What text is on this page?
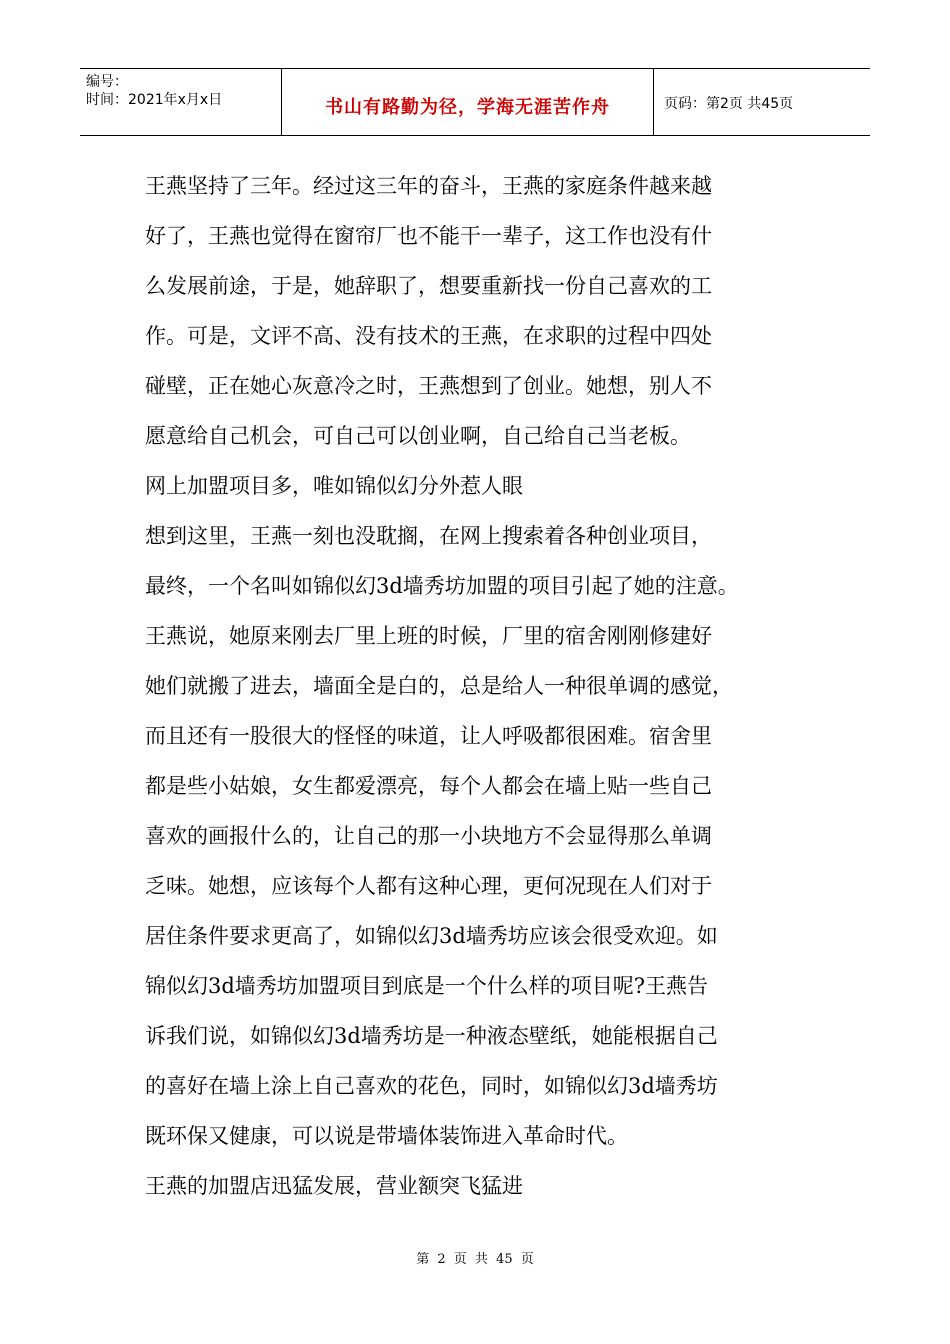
编号：
时间：2021年x月x日	书山有路勤为径，学海无涯苦作舟	页码：第2页 共45页
王燕坚持了三年。经过这三年的奋斗，王燕的家庭条件越来越
好了，王燕也觉得在窗帘厂也不能干一辈子，这工作也没有什
么发展前途，于是，她辞职了，想要重新找一份自己喜欢的工
作。可是，文评不高、没有技术的王燕，在求职的过程中四处
碰壁，正在她心灰意冷之时，王燕想到了创业。她想，别人不
愿意给自己机会，可自己可以创业啊，自己给自己当老板。
网上加盟项目多，唯如锦似幻分外惹人眼
想到这里，王燕一刻也没耽搁，在网上搜索着各种创业项目，
最终，一个名叫如锦似幻3d墙秀坊加盟的项目引起了她的注意。
王燕说，她原来刚去厂里上班的时候，厂里的宿舍刚刚修建好
她们就搬了进去，墙面全是白的，总是给人一种很单调的感觉，
而且还有一股很大的怪怪的味道，让人呼吸都很困难。宿舍里
都是些小姑娘，女生都爱漂亮，每个人都会在墙上贴一些自己
喜欢的画报什么的，让自己的那一小块地方不会显得那么单调
乏味。她想，应该每个人都有这种心理，更何况现在人们对于
居住条件要求更高了，如锦似幻3d墙秀坊应该会很受欢迎。如
锦似幻3d墙秀坊加盟项目到底是一个什么样的项目呢?王燕告
诉我们说，如锦似幻3d墙秀坊是一种液态壁纸，她能根据自己
的喜好在墙上涂上自己喜欢的花色，同时，如锦似幻3d墙秀坊
既环保又健康，可以说是带墙体装饰进入革命时代。
王燕的加盟店迅猛发展，营业额突飞猛进
第 2 页 共 45 页
